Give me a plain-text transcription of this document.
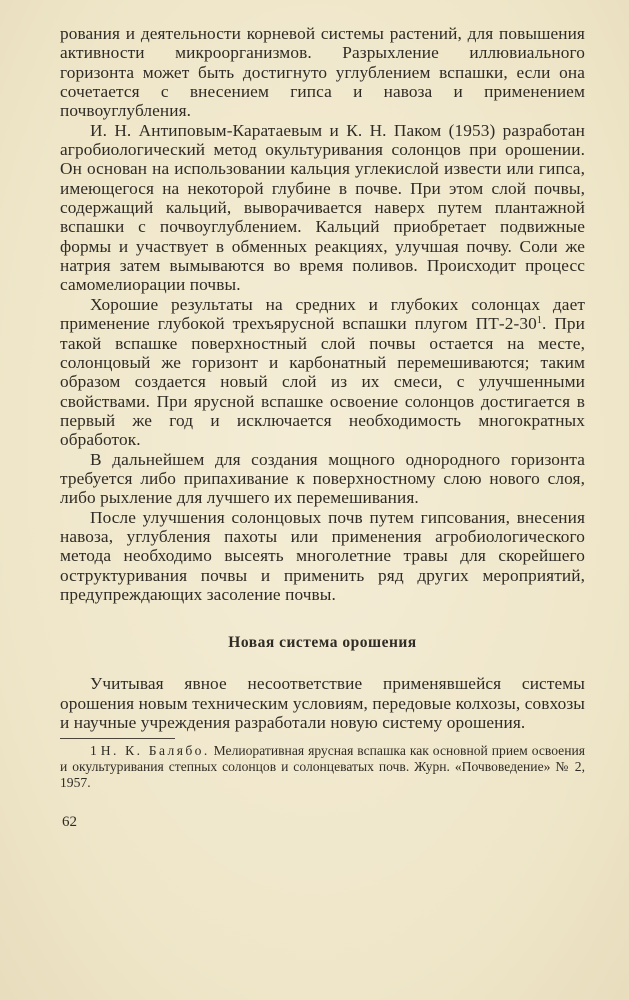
рования и деятельности корневой системы растений, для повышения активности микроорганизмов. Разрыхление иллювиального горизонта может быть достигнуто углублением вспашки, если она сочетается с внесением гипса и навоза и применением почвоуглубления.

И. Н. Антиповым-Каратаевым и К. Н. Паком (1953) разработан агробиологический метод окультуривания солонцов при орошении. Он основан на использовании кальция углекислой извести или гипса, имеющегося на некоторой глубине в почве. При этом слой почвы, содержащий кальций, выворачивается наверх путем плантажной вспашки с почвоуглублением. Кальций приобретает подвижные формы и участвует в обменных реакциях, улучшая почву. Соли же натрия затем вымываются во время поливов. Происходит процесс самомелиорации почвы.

Хорошие результаты на средних и глубоких солонцах дает применение глубокой трехъярусной вспашки плугом $ПТ-2-30^1$. При такой вспашке поверхностный слой почвы остается на месте, солонцовый же горизонт и карбонатный перемешиваются; таким образом создается новый слой из их смеси, с улучшенными свойствами. При ярусной вспашке освоение солонцов достигается в первый же год и исключается необходимость многократных обработок.

В дальнейшем для создания мощного однородного горизонта требуется либо припахивание к поверхностному слою нового слоя, либо рыхление для лучшего их перемешивания.

После улучшения солонцовых почв путем гипсования, внесения навоза, углубления пахоты или применения агробиологического метода необходимо высеять многолетние травы для скорейшего оструктуривания почвы и применить ряд других мероприятий, предупреждающих засоление почвы.

Новая система орошения

Учитывая явное несоответствие применявшейся системы орошения новым техническим условиям, передовые колхозы, совхозы и научные учреждения разработали новую систему орошения.

1 Н. К. Балябо. Мелиоративная ярусная вспашка как основной прием освоения и окультуривания степных солонцов и солонцеватых почв. Журн. «Почвоведение» № 2, 1957.

62
